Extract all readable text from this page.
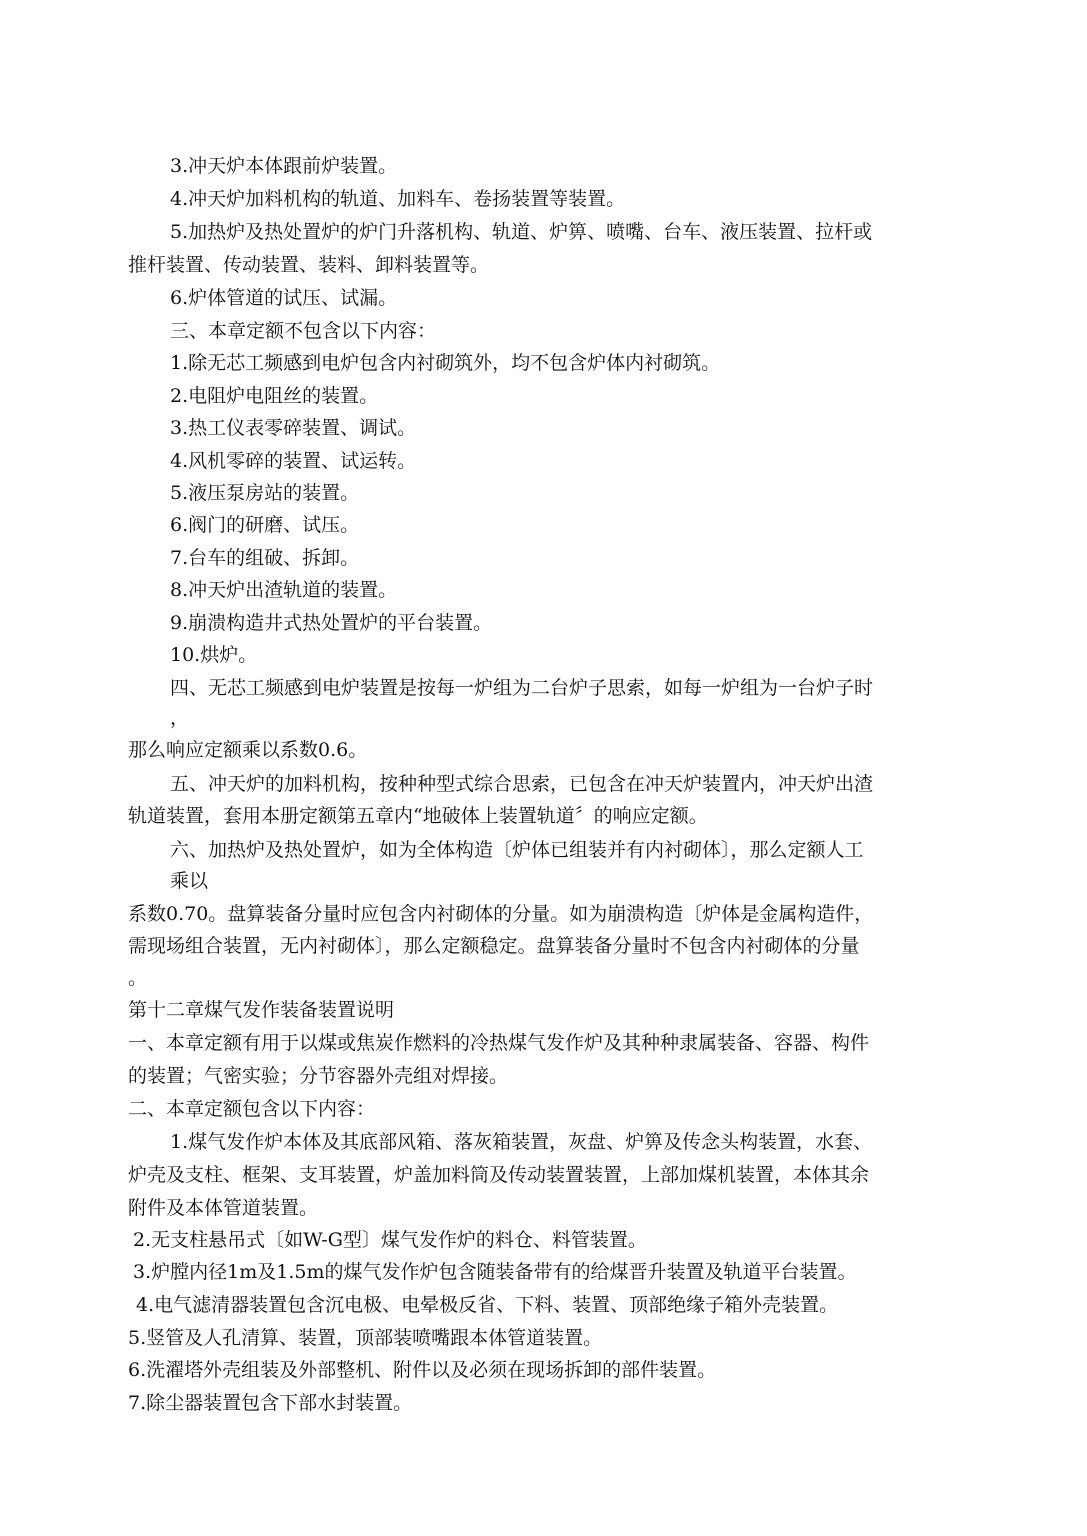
3.冲天炉本体跟前炉装置。
4.冲天炉加料机构的轨道、加料车、卷扬装置等装置。
5.加热炉及热处置炉的炉门升落机构、轨道、炉箅、喷嘴、台车、液压装置、拉杆或
推杆装置、传动装置、装料、卸料装置等。
6.炉体管道的试压、试漏。
三、本章定额不包含以下内容：
1.除无芯工频感到电炉包含内衬砌筑外，均不包含炉体内衬砌筑。
2.电阻炉电阻丝的装置。
3.热工仪表零碎装置、调试。
4.风机零碎的装置、试运转。
5.液压泵房站的装置。
6.阀门的研磨、试压。
7.台车的组破、拆卸。
8.冲天炉出渣轨道的装置。
9.崩溃构造井式热处置炉的平台装置。
10.烘炉。
四、无芯工频感到电炉装置是按每一炉组为二台炉子思索，如每一炉组为一台炉子时
，
那么响应定额乘以系数0.6。
五、冲天炉的加料机构，按种种型式综合思索，已包含在冲天炉装置内，冲天炉出渣
轨道装置，套用本册定额第五章内“地破体上装置轨道〞的响应定额。
六、加热炉及热处置炉，如为全体构造〔炉体已组装并有内衬砌体〕，那么定额人工
乘以
系数0.70。盘算装备分量时应包含内衬砌体的分量。如为崩溃构造〔炉体是金属构造件，
需现场组合装置，无内衬砌体〕，那么定额稳定。盘算装备分量时不包含内衬砌体的分量
。
第十二章煤气发作装备装置说明
一、本章定额有用于以煤或焦炭作燃料的冷热煤气发作炉及其种种隶属装备、容器、构件
的装置；气密实验；分节容器外壳组对焊接。
二、本章定额包含以下内容：
1.煤气发作炉本体及其底部风箱、落灰箱装置，灰盘、炉箅及传念头构装置，水套、
炉壳及支柱、框架、支耳装置，炉盖加料筒及传动装置装置，上部加煤机装置，本体其余
附件及本体管道装置。
2.无支柱悬吊式〔如W-G型〕煤气发作炉的料仓、料管装置。
3.炉膛内径1m及1.5m的煤气发作炉包含随装备带有的给煤晋升装置及轨道平台装置。
4.电气滤清器装置包含沉电极、电晕极反省、下料、装置、顶部绝缘子箱外壳装置。
5.竖管及人孔清算、装置，顶部装喷嘴跟本体管道装置。
6.洗濯塔外壳组装及外部整机、附件以及必须在现场拆卸的部件装置。
7.除尘器装置包含下部水封装置。
